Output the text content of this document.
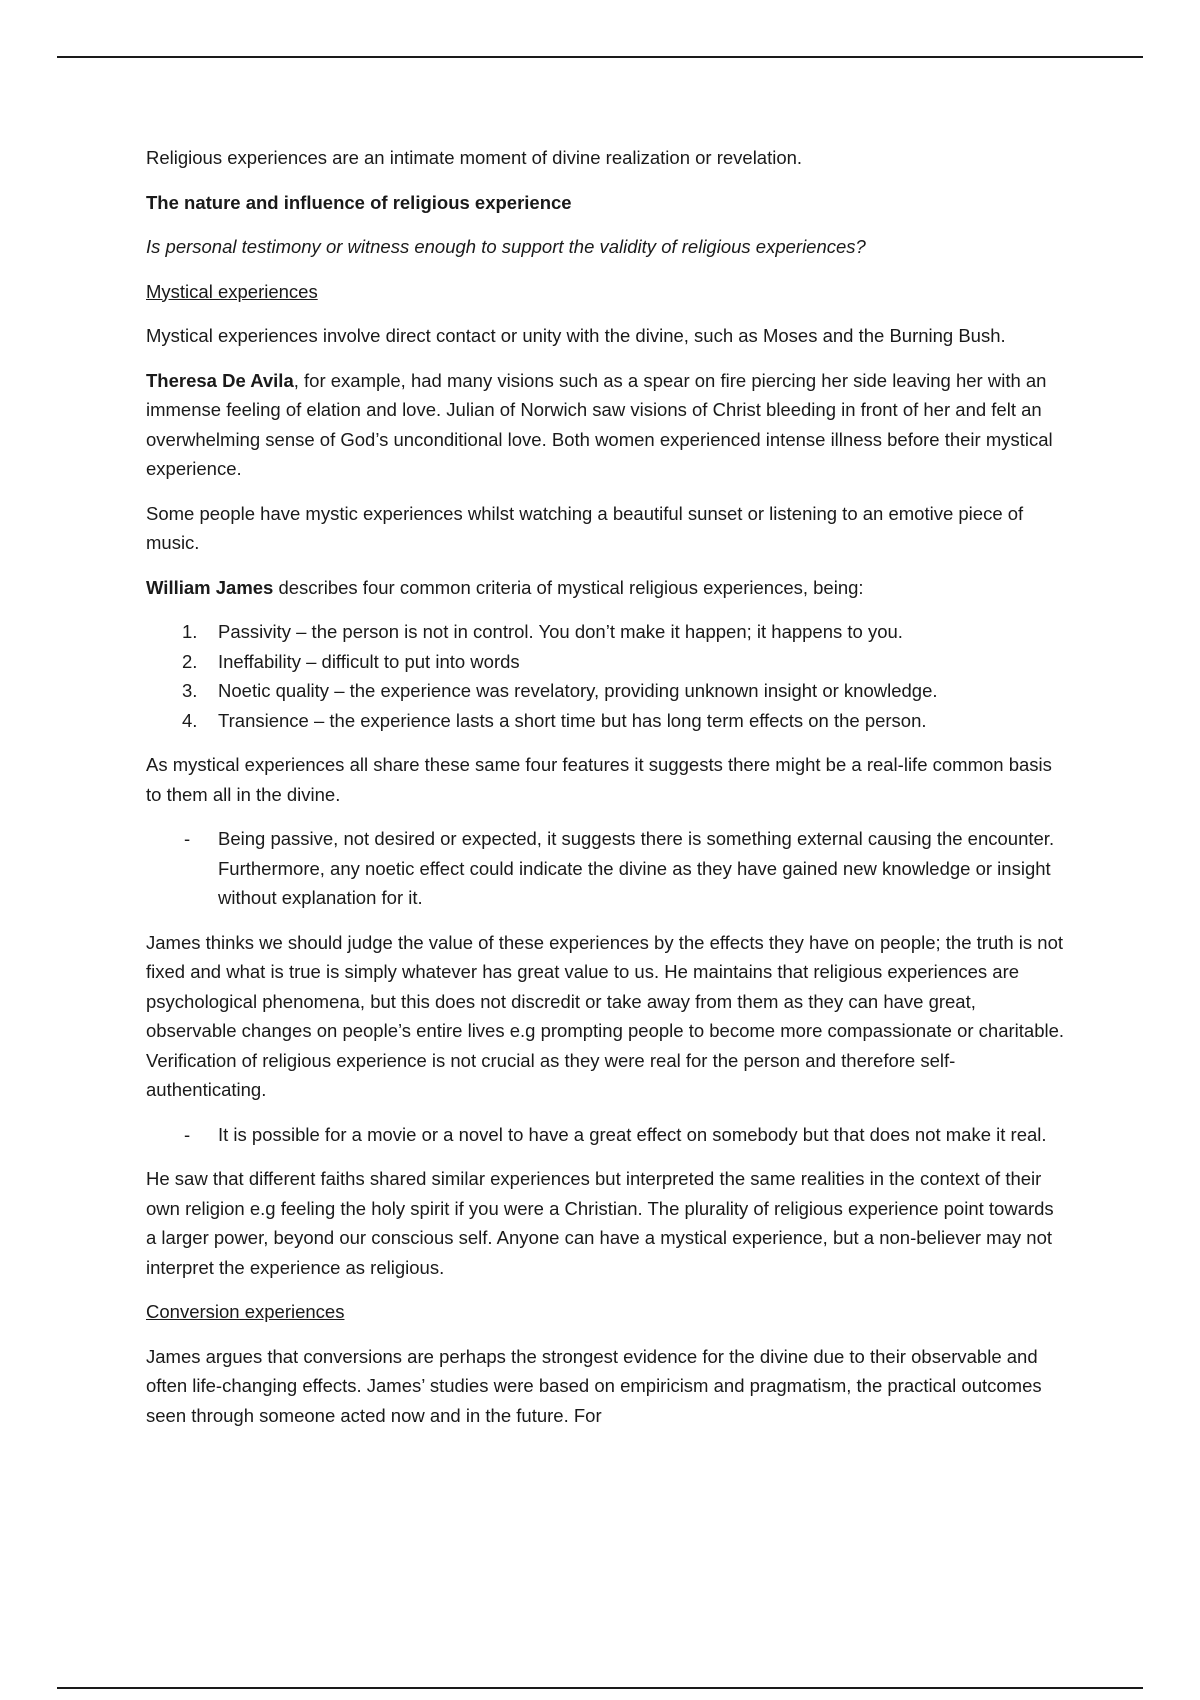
Religious experiences are an intimate moment of divine realization or revelation.

The nature and influence of religious experience

Is personal testimony or witness enough to support the validity of religious experiences?

Mystical experiences

Mystical experiences involve direct contact or unity with the divine, such as Moses and the Burning Bush.

Theresa De Avila, for example, had many visions such as a spear on fire piercing her side leaving her with an immense feeling of elation and love. Julian of Norwich saw visions of Christ bleeding in front of her and felt an overwhelming sense of God’s unconditional love. Both women experienced intense illness before their mystical experience.

Some people have mystic experiences whilst watching a beautiful sunset or listening to an emotive piece of music.

William James describes four common criteria of mystical religious experiences, being:

1. Passivity – the person is not in control. You don’t make it happen; it happens to you.
2. Ineffability – difficult to put into words
3. Noetic quality – the experience was revelatory, providing unknown insight or knowledge.
4. Transience – the experience lasts a short time but has long term effects on the person.

As mystical experiences all share these same four features it suggests there might be a real-life common basis to them all in the divine.

- Being passive, not desired or expected, it suggests there is something external causing the encounter. Furthermore, any noetic effect could indicate the divine as they have gained new knowledge or insight without explanation for it.

James thinks we should judge the value of these experiences by the effects they have on people; the truth is not fixed and what is true is simply whatever has great value to us. He maintains that religious experiences are psychological phenomena, but this does not discredit or take away from them as they can have great, observable changes on people’s entire lives e.g prompting people to become more compassionate or charitable. Verification of religious experience is not crucial as they were real for the person and therefore self-authenticating.

- It is possible for a movie or a novel to have a great effect on somebody but that does not make it real.

He saw that different faiths shared similar experiences but interpreted the same realities in the context of their own religion e.g feeling the holy spirit if you were a Christian. The plurality of religious experience point towards a larger power, beyond our conscious self. Anyone can have a mystical experience, but a non-believer may not interpret the experience as religious.

Conversion experiences

James argues that conversions are perhaps the strongest evidence for the divine due to their observable and often life-changing effects. James’ studies were based on empiricism and pragmatism, the practical outcomes seen through someone acted now and in the future. For
